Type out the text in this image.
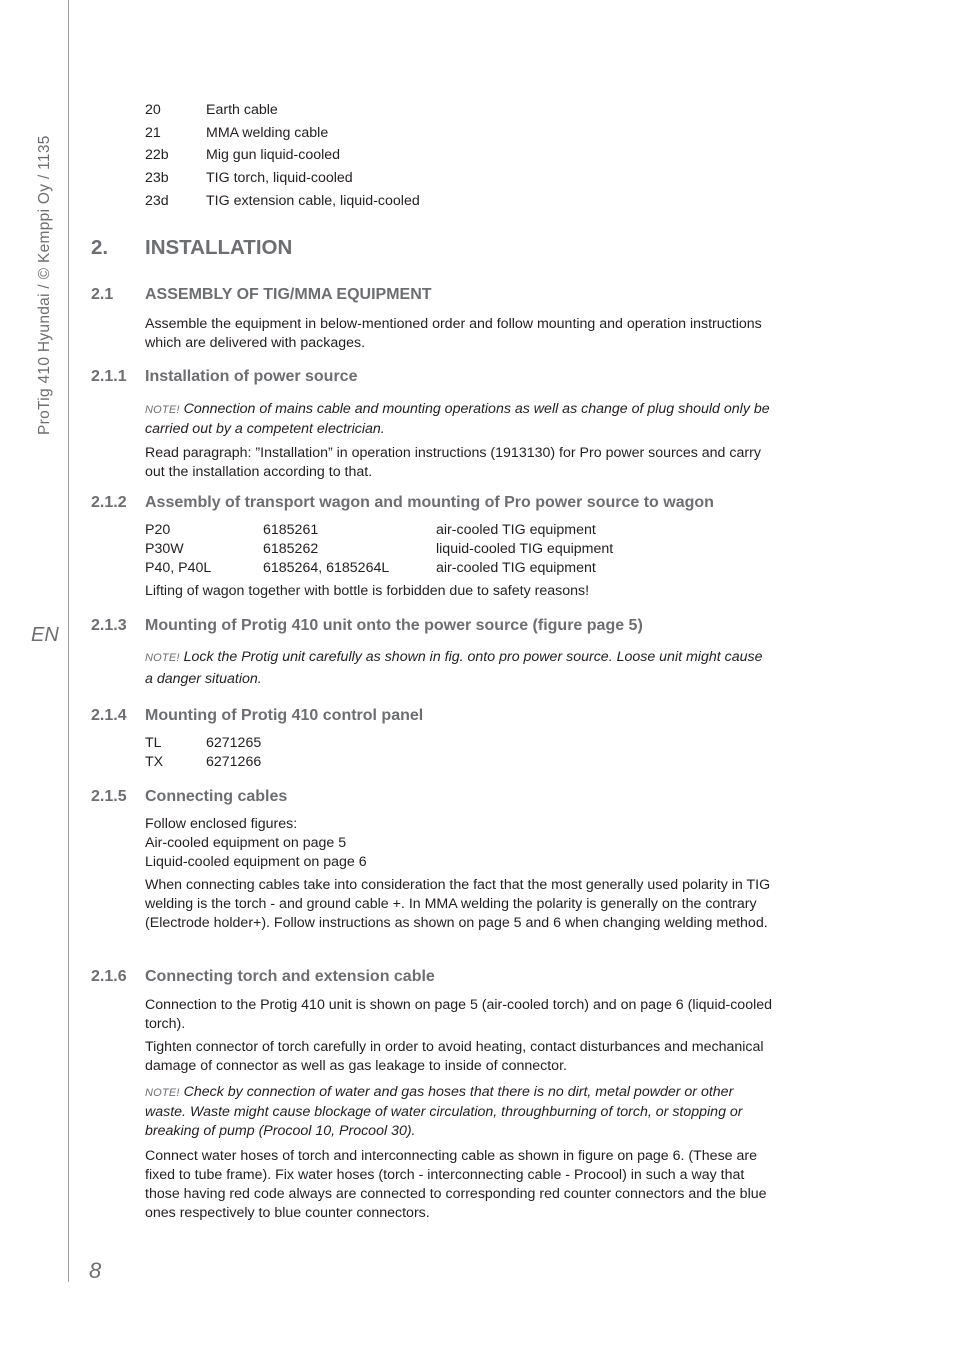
ProTig 410 Hyundai / © Kemppi Oy / 1135
EN
20	Earth cable
21	MMA welding cable
22b	Mig gun liquid-cooled
23b	TIG torch, liquid-cooled
23d	TIG extension cable, liquid-cooled
2. INSTALLATION
2.1 ASSEMBLY OF TIG/MMA EQUIPMENT
Assemble the equipment in below-mentioned order and follow mounting and operation instructions which are delivered with packages.
2.1.1 Installation of power source
NOTE! Connection of mains cable and mounting operations as well as change of plug should only be carried out by a competent electrician.
Read paragraph: ”Installation” in operation instructions (1913130) for Pro power sources and carry out the installation according to that.
2.1.2 Assembly of transport wagon and mounting of Pro power source to wagon
P20	6185261	air-cooled TIG equipment
P30W	6185262	liquid-cooled TIG equipment
P40, P40L	6185264, 6185264L	air-cooled TIG equipment
Lifting of wagon together with bottle is forbidden due to safety reasons!
2.1.3 Mounting of Protig 410 unit onto the power source (figure page 5)
NOTE! Lock the Protig unit carefully as shown in fig. onto pro power source. Loose unit might cause a danger situation.
2.1.4 Mounting of Protig 410 control panel
TL	6271265
TX	6271266
2.1.5 Connecting cables
Follow enclosed figures:
Air-cooled equipment on page 5
Liquid-cooled equipment on page 6
When connecting cables take into consideration the fact that the most generally used polarity in TIG welding is the torch - and ground cable +. In MMA welding the polarity is generally on the contrary (Electrode holder+). Follow instructions as shown on page 5 and 6 when changing welding method.
2.1.6 Connecting torch and extension cable
Connection to the Protig 410 unit is shown on page 5 (air-cooled torch) and on page 6 (liquid-cooled torch).
Tighten connector of torch carefully in order to avoid heating, contact disturbances and mechanical damage of connector as well as gas leakage to inside of connector.
NOTE! Check by connection of water and gas hoses that there is no dirt, metal powder or other waste. Waste might cause blockage of water circulation, throughburning of torch, or stopping or breaking of pump (Procool 10, Procool 30).
Connect water hoses of torch and interconnecting cable as shown in figure on page 6. (These are fixed to tube frame). Fix water hoses (torch - interconnecting cable - Procool) in such a way that those having red code always are connected to corresponding red counter connectors and the blue ones respectively to blue counter connectors.
8
